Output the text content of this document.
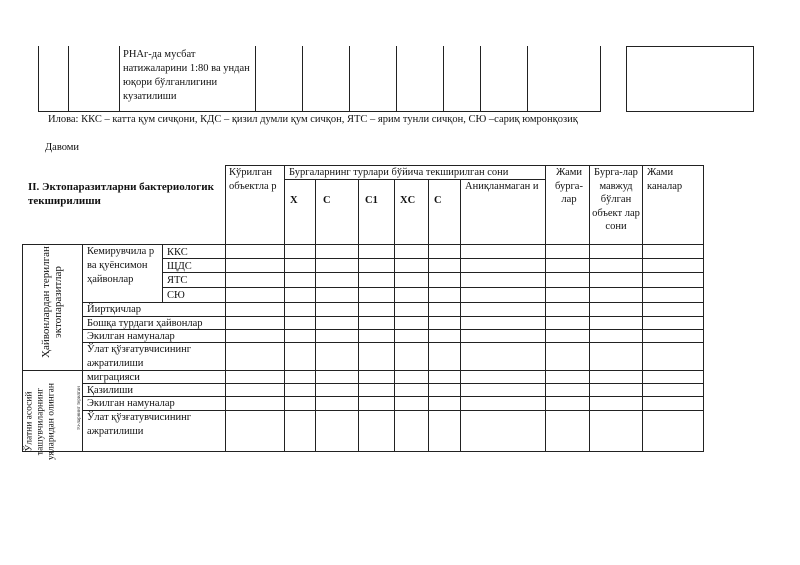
РНАг-да мусбат натижаларини 1:80 ва ундан юқори бўлганлигини кузатилиши
Илова: ККС – катта қум сичқони, КДС – қизил думли қум сичқон, ЯТС – ярим тунли сичқон, СЮ –сариқ юмронқозиқ
Давоми
II. Эктопаразитларни бактериологик текширилиши
Кўрилган объектла р
Бургаларнинг турлари бўйича текширилган сони
X C	C1 XC C
Аниқланмаган и
Жами бурга-лар
Бурга-лар мавжуд бўлган объект лар сони
Жами каналар
Ҳайвонлардан терилган эктопаразитлар
Кемирувчила р ва қуёнсимон ҳайвонлар
ККС
ЩДС
ЯТС
СЮ
Йиртқичлар
Бошқа турдаги ҳайвонлар
Экилган намуналар
Ўлат қўзғатувчисининг ажратилиши
Ўлатни асосий ташувчиларнинг уяларидан олинган	тч-ларнинг терилган
миграцияси
Қазилиши
Экилган намуналар
Ўлат қўзғатувчисининг ажратилиши
